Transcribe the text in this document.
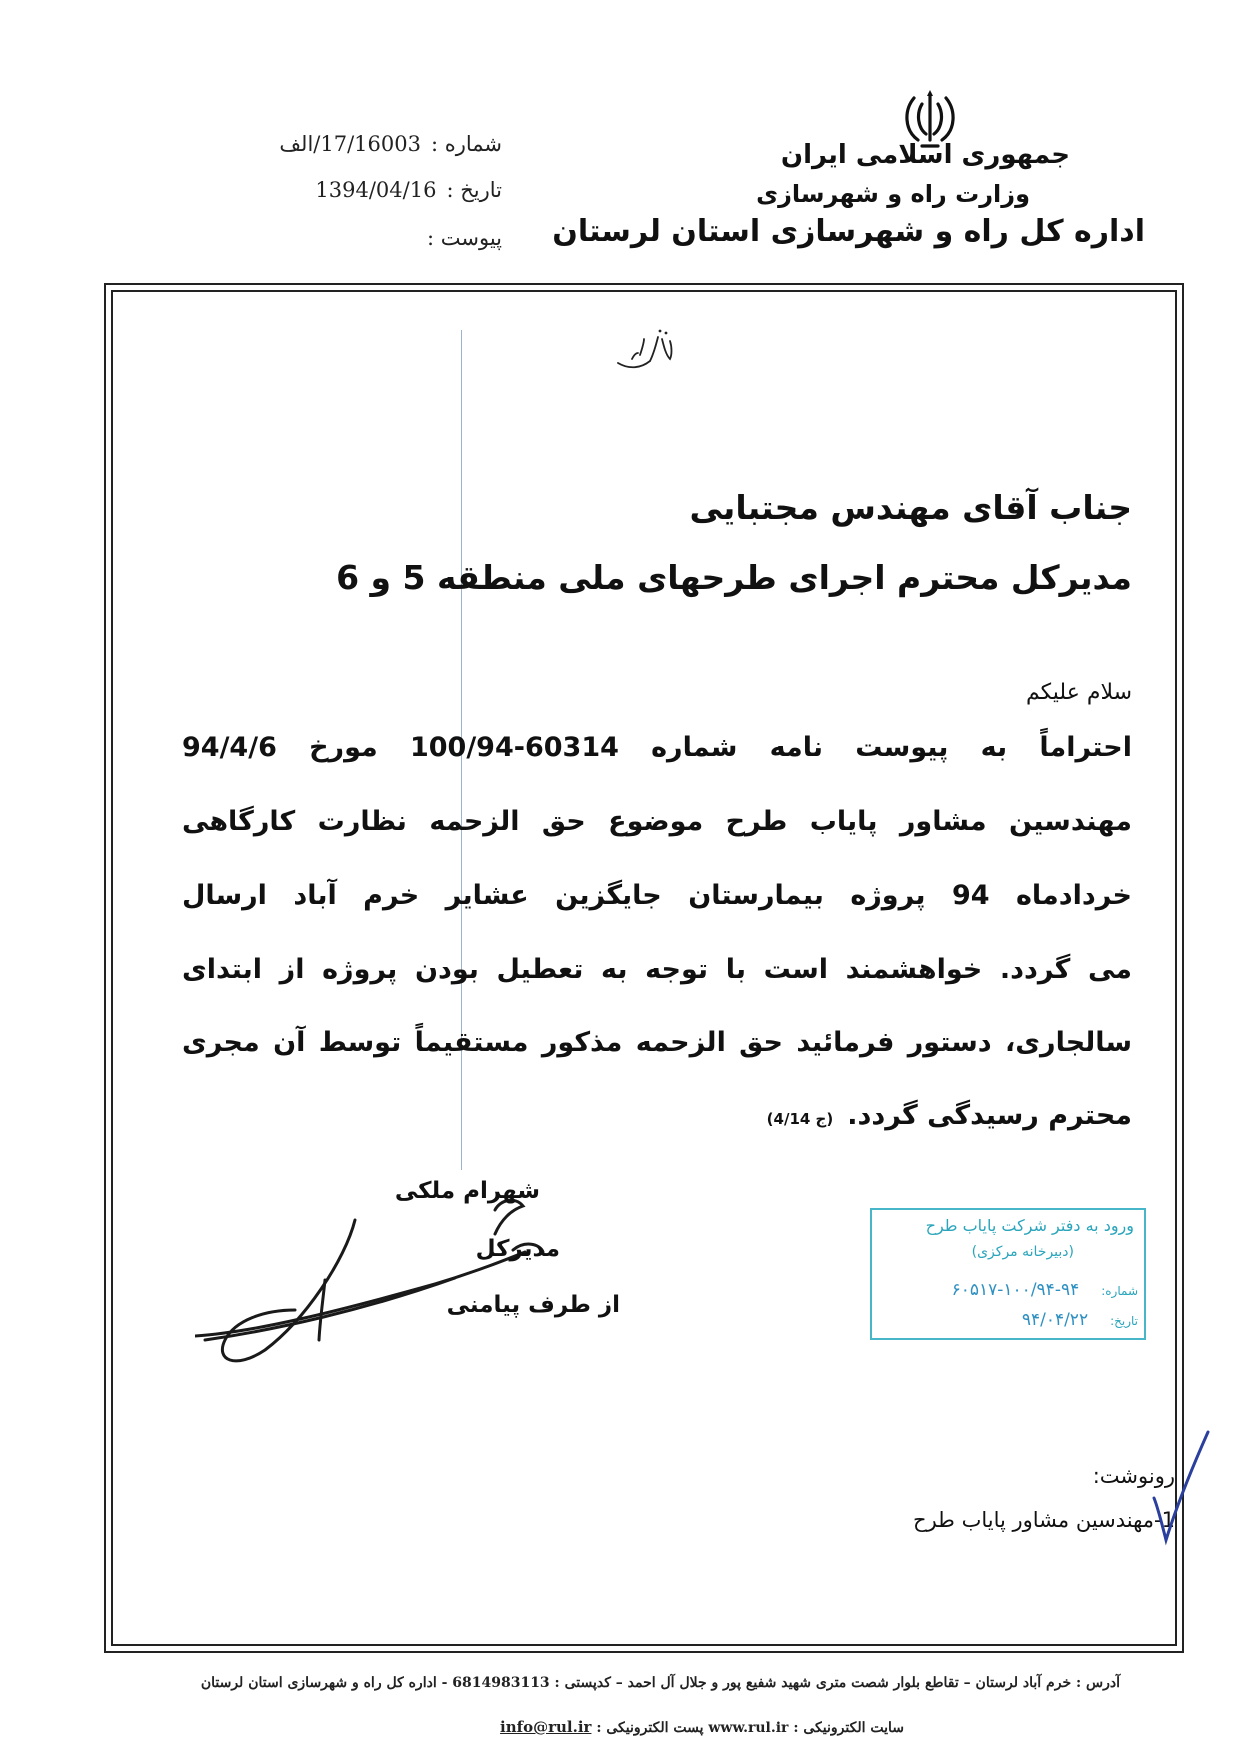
جمهوری اسلامی ایران
وزارت راه و شهرسازی
اداره کل راه و شهرسازی استان لرستان
شماره :17/16003/الف
تاریخ :1394/04/16
پیوست :
جناب آقای مهندس مجتبایی
مدیرکل محترم اجرای طرحهای ملی منطقه 5 و 6
سلام علیکم
احتراماً به پیوست نامه شماره 60314-100/94 مورخ 94/4/6
مهندسین مشاور پایاب طرح موضوع حق الزحمه نظارت کارگاهی
خردادماه 94 پروژه بیمارستان جایگزین عشایر خرم آباد ارسال
می گردد. خواهشمند است با توجه به تعطیل بودن پروژه از ابتدای
سالجاری، دستور فرمائید حق الزحمه مذکور مستقیماً توسط آن مجری
محترم رسیدگی گردد.(ج 4/14)
شهرام ملکی
مدیرکل
از طرف پیامنی
ورود به دفتر شرکت پایاب طرح
(دبیرخانه مرکزی)
شماره:۹۴-۱۰۰/۹۴-۶۰۵۱۷
تاریخ:۹۴/۰۴/۲۲
رونوشت:
1-مهندسین مشاور پایاب طرح
آدرس : خرم آباد لرستان – تقاطع بلوار شصت متری شهید شفیع پور و جلال آل احمد – کدپستی : 6814983113 - اداره کل راه و شهرسازی استان لرستان
سایت الکترونیکی : www.rul.ir پست الکترونیکی : info@rul.ir
